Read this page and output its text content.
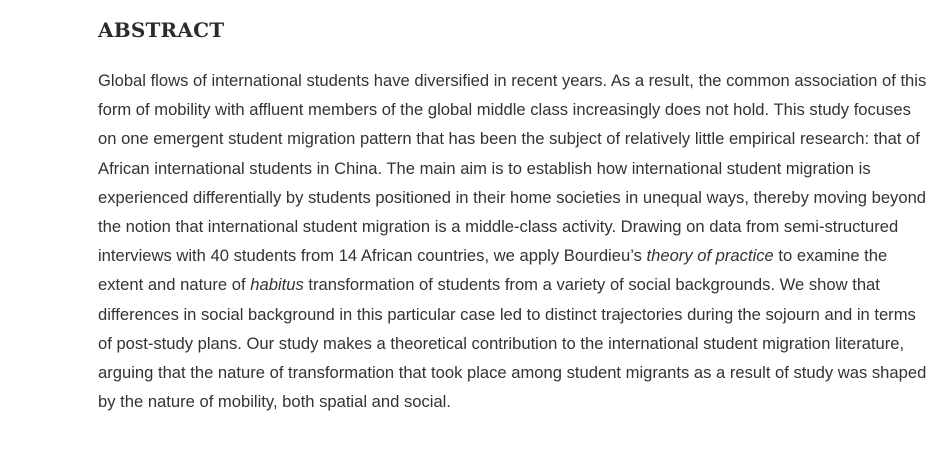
ABSTRACT

Global flows of international students have diversified in recent years. As a result, the common association of this form of mobility with affluent members of the global middle class increasingly does not hold. This study focuses on one emergent student migration pattern that has been the subject of relatively little empirical research: that of African international students in China. The main aim is to establish how international student migration is experienced differentially by students positioned in their home societies in unequal ways, thereby moving beyond the notion that international student migration is a middle-class activity. Drawing on data from semi-structured interviews with 40 students from 14 African countries, we apply Bourdieu’s theory of practice to examine the extent and nature of habitus transformation of students from a variety of social backgrounds. We show that differences in social background in this particular case led to distinct trajectories during the sojourn and in terms of post-study plans. Our study makes a theoretical contribution to the international student migration literature, arguing that the nature of transformation that took place among student migrants as a result of study was shaped by the nature of mobility, both spatial and social.
